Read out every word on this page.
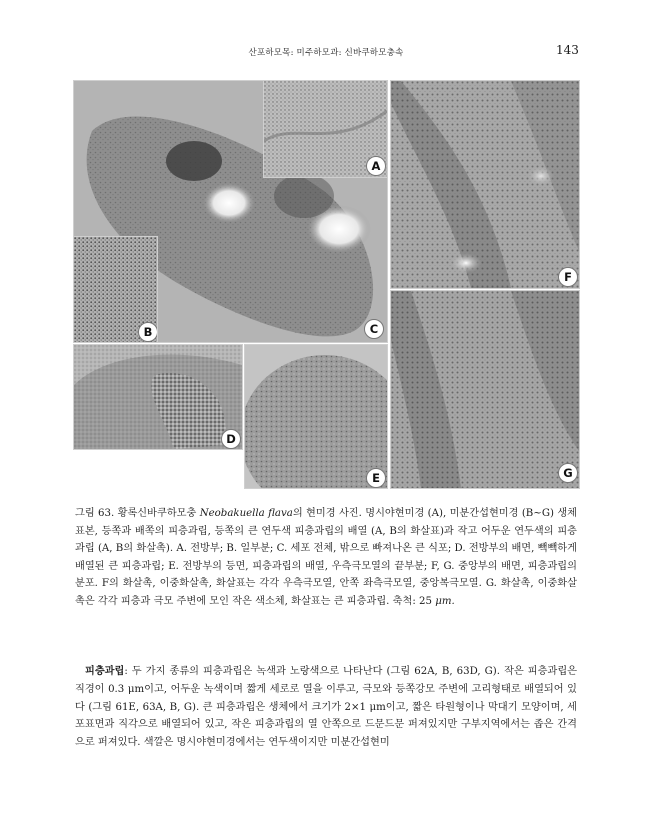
산포하모목: 미주하모과: 신바쿠하모충속	143
C
A
B
F
D
E	G
그림 63. 황록신바쿠하모충 Neobakuella flava의 현미경 사진. 명시야현미경 (A), 미분간섭현미경 (B~G) 생체 표본, 등쪽과 배쪽의 피층과립, 등쪽의 큰 연두색 피층과립의 배열 (A, B의 화살표)과 작고 어두운 연두색의 피층과립 (A, B의 화살촉). A. 전방부; B. 일부분; C. 세포 전체, 밖으로 빠져나온 큰 식포; D. 전방부의 배면, 빽빽하게 배열된 큰 피층과립; E. 전방부의 등면, 피층과립의 배열, 우측극모열의 끝부분; F, G. 중앙부의 배면, 피층과립의 분포. F의 화살촉, 이중화살촉, 화살표는 각각 우측극모열, 안쪽 좌측극모열, 중앙복극모열. G. 화살촉, 이중화살촉은 각각 피층과 극모 주변에 모인 작은 색소체, 화살표는 큰 피층과립. 축척: 25 μm.
피층과립: 두 가지 종류의 피층과립은 녹색과 노랑색으로 나타난다 (그림 62A, B, 63D, G). 작은 피층과립은 직경이 0.3 μm이고, 어두운 녹색이며 짧게 세로로 열을 이루고, 극모와 등쪽강모 주변에 고리형태로 배열되어 있다 (그림 61E, 63A, B, G). 큰 피층과립은 생체에서 크기가 2×1 μm이고, 짧은 타원형이나 막대기 모양이며, 세포표면과 직각으로 배열되어 있고, 작은 피층과립의 열 안쪽으로 드문드문 퍼져있지만 구부지역에서는 좁은 간격으로 퍼져있다. 색깔은 명시야현미경에서는 연두색이지만 미분간섭현미
